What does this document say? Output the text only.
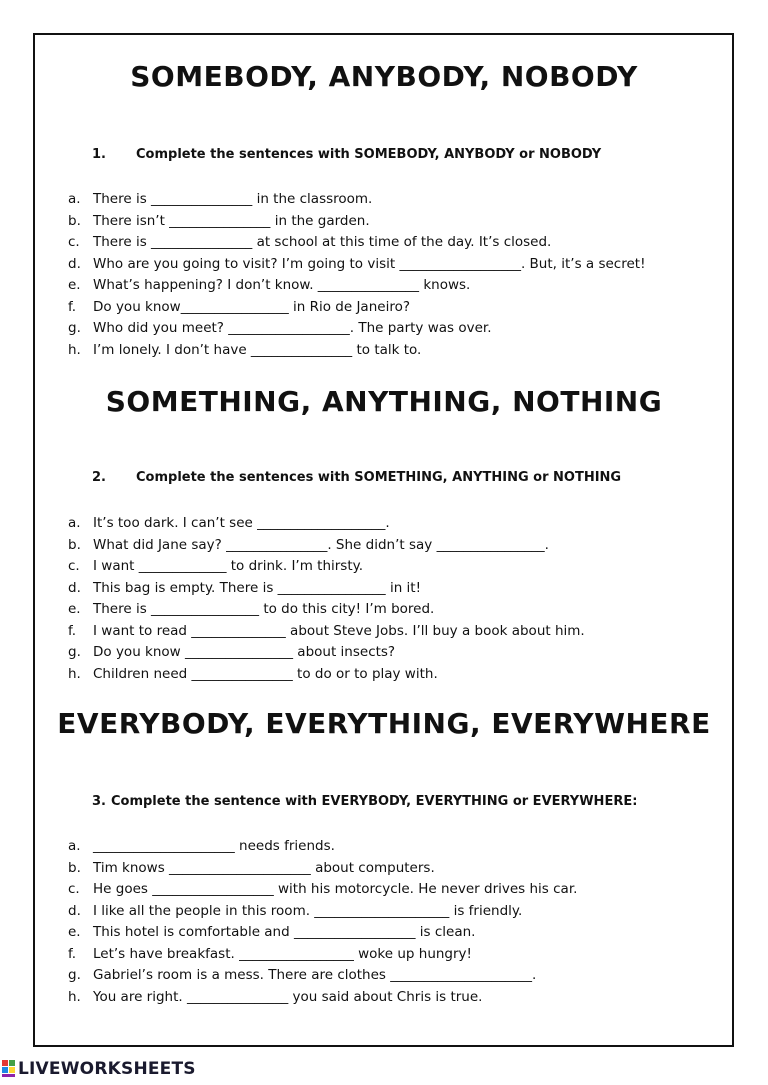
SOMEBODY, ANYBODY, NOBODY

1. Complete the sentences with SOMEBODY, ANYBODY or NOBODY

a. There is _______________ in the classroom.
b. There isn’t _______________ in the garden.
c. There is _______________ at school at this time of the day. It’s closed.
d. Who are you going to visit? I’m going to visit __________________. But, it’s a secret!
e. What’s happening? I don’t know. _______________ knows.
f.	Do you know________________ in Rio de Janeiro?
g. Who did you meet? __________________. The party was over.
h. I’m lonely. I don’t have _______________ to talk to.
SOMETHING, ANYTHING, NOTHING

2. Complete the sentences with SOMETHING, ANYTHING or NOTHING

a. It’s too dark. I can’t see ___________________.
b. What did Jane say? _______________. She didn’t say ________________.
c. I want _____________ to drink. I’m thirsty.
d. This bag is empty. There is ________________ in it!
e. There is ________________ to do this city! I’m bored.
f.	I want to read ______________ about Steve Jobs. I’ll buy a book about him.
g. Do you know ________________ about insects?
h. Children need _______________ to do or to play with.
EVERYBODY, EVERYTHING, EVERYWHERE

3. Complete the sentence with EVERYBODY, EVERYTHING or EVERYWHERE:

a. _____________________ needs friends.
b. Tim knows _____________________ about computers.
c. He goes __________________ with his motorcycle. He never drives his car.
d. I like all the people in this room. ____________________ is friendly.
e. This hotel is comfortable and __________________ is clean.
f.	Let’s have breakfast. _________________ woke up hungry!
g. Gabriel’s room is a mess. There are clothes _____________________.
h. You are right. _______________ you said about Chris is true.
LIVEWORKSHEETS
